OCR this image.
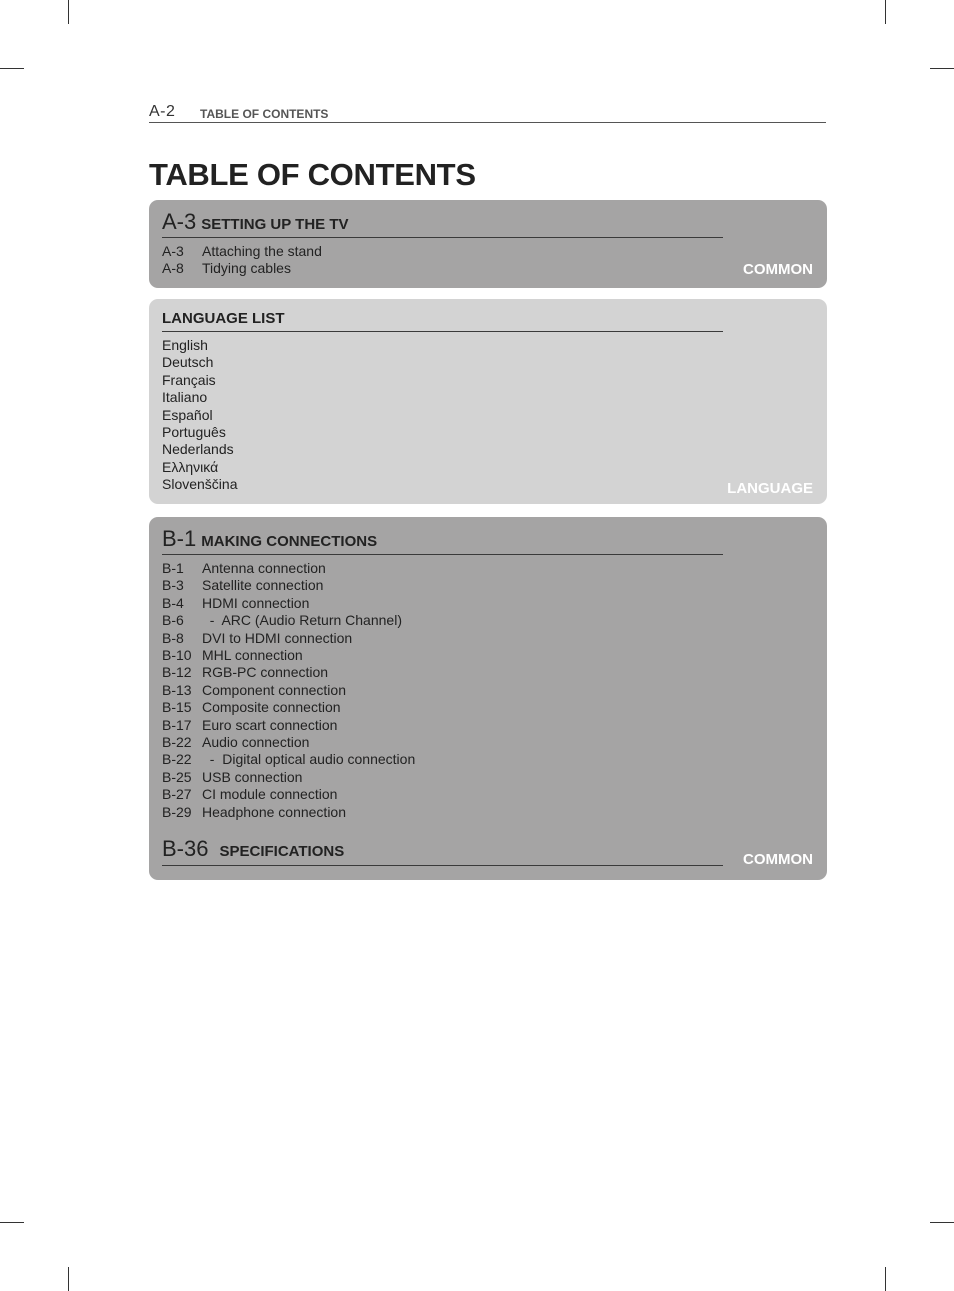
A-2 TABLE OF CONTENTS
TABLE OF CONTENTS
A-3 SETTING UP THE TV
A-3 Attaching the stand
A-8 Tidying cables	COMMON
LANGUAGE LIST
English
Deutsch
Français
Italiano
Español
Português
Nederlands
Ελληνικά
Slovenščina	LANGUAGE
B-1 MAKING CONNECTIONS
B-1 Antenna connection
B-3 Satellite connection
B-4 HDMI connection
B-6  -  ARC (Audio Return Channel)
B-8 DVI to HDMI connection
B-10 MHL connection
B-12 RGB-PC connection
B-13 Component connection
B-15 Composite connection
B-17 Euro scart connection
B-22 Audio connection
B-22  -  Digital optical audio connection
B-25 USB connection
B-27 CI module connection
B-29 Headphone connection
B-36 SPECIFICATIONS	COMMON
